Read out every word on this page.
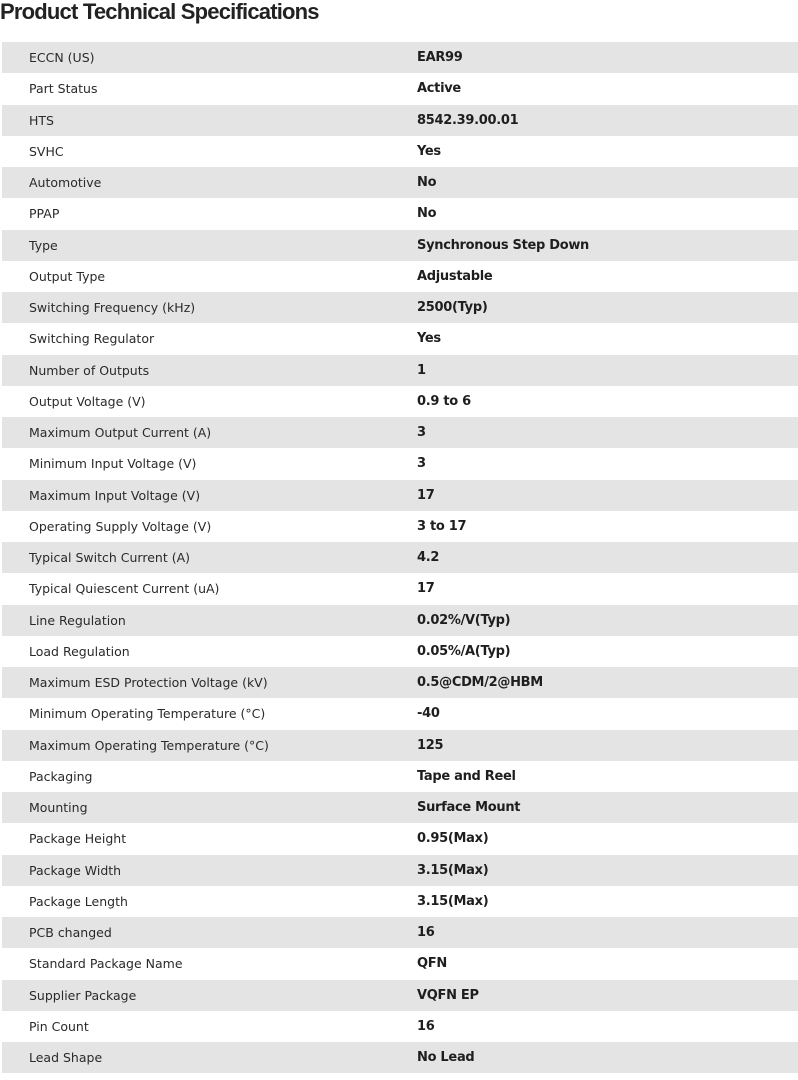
Product Technical Specifications
ECCN (US)	EAR99
Part Status	Active
HTS	8542.39.00.01
SVHC	Yes
Automotive	No
PPAP	No
Type	Synchronous Step Down
Output Type	Adjustable
Switching Frequency (kHz)	2500(Typ)
Switching Regulator	Yes
Number of Outputs	1
Output Voltage (V)	0.9 to 6
Maximum Output Current (A)	3
Minimum Input Voltage (V)	3
Maximum Input Voltage (V)	17
Operating Supply Voltage (V)	3 to 17
Typical Switch Current (A)	4.2
Typical Quiescent Current (uA)	17
Line Regulation	0.02%/V(Typ)
Load Regulation	0.05%/A(Typ)
Maximum ESD Protection Voltage (kV)	0.5@CDM/2@HBM
Minimum Operating Temperature (°C)	-40
Maximum Operating Temperature (°C)	125
Packaging	Tape and Reel
Mounting	Surface Mount
Package Height	0.95(Max)
Package Width	3.15(Max)
Package Length	3.15(Max)
PCB changed	16
Standard Package Name	QFN
Supplier Package	VQFN EP
Pin Count	16
Lead Shape	No Lead
